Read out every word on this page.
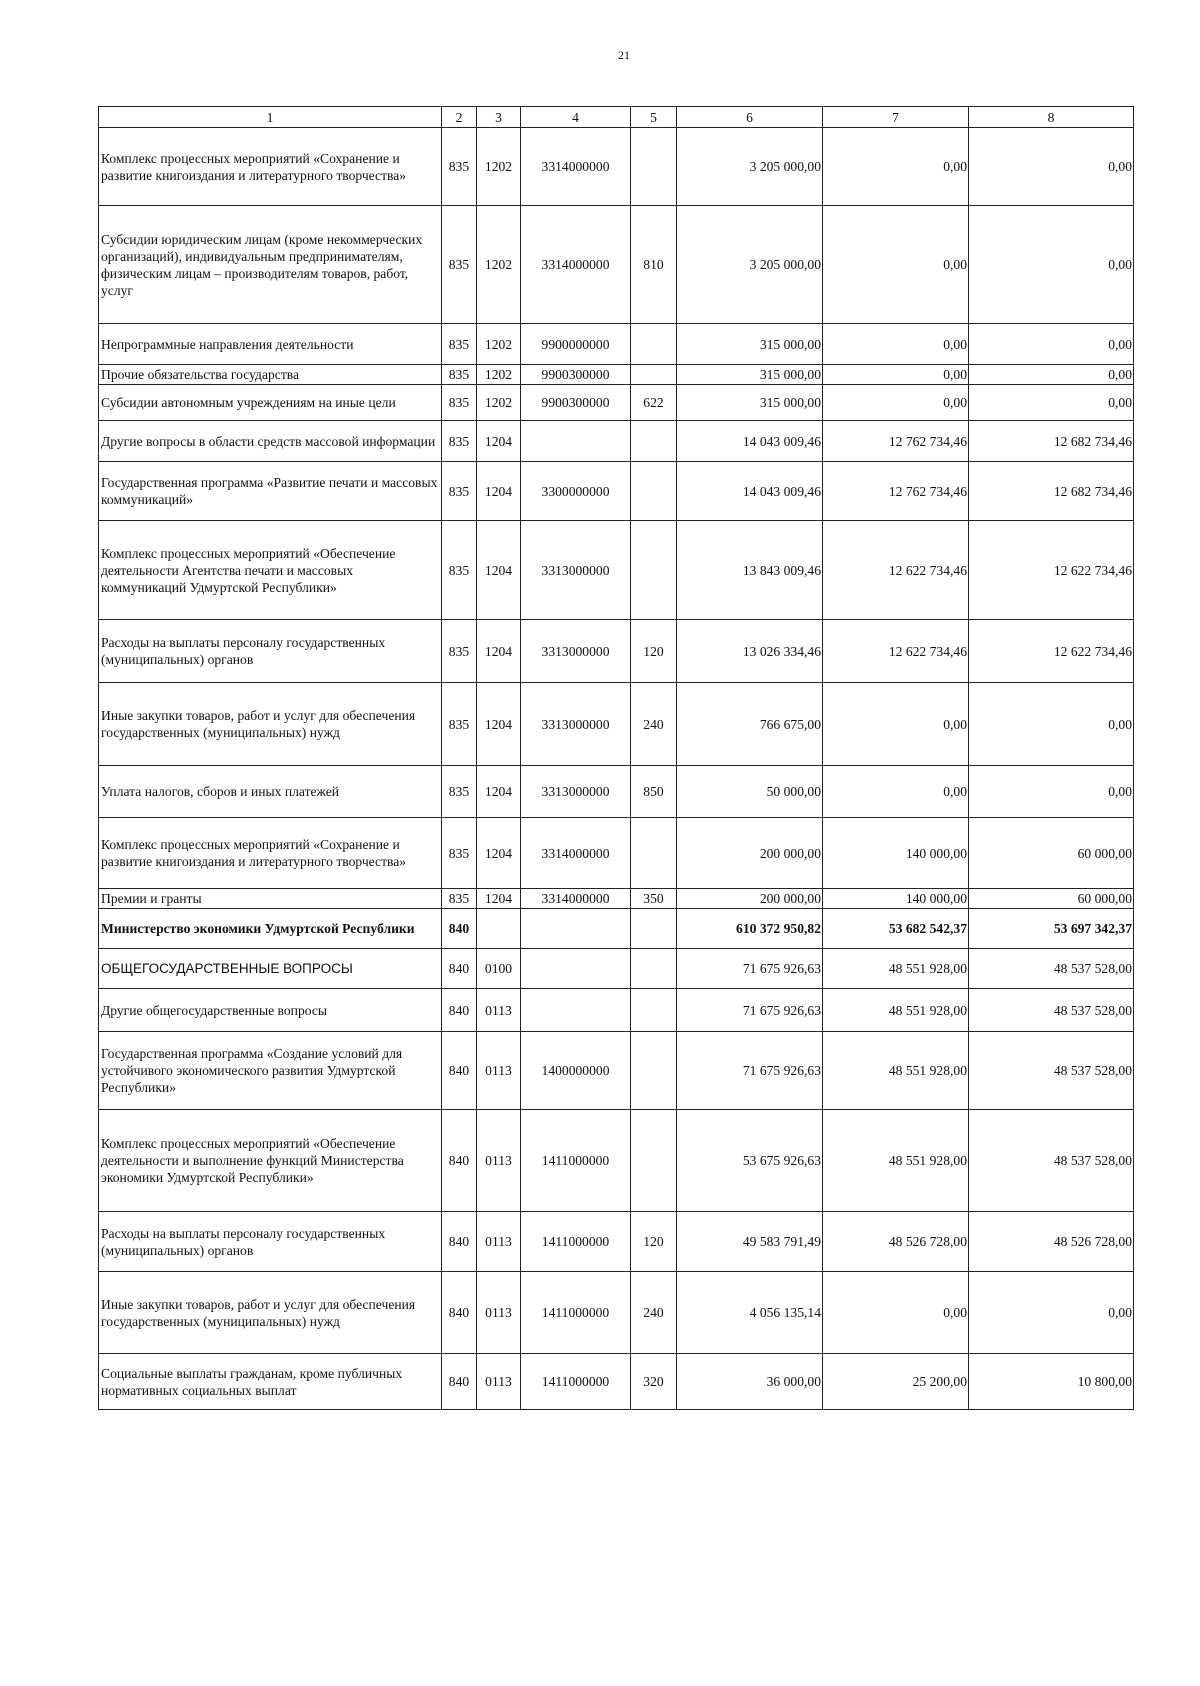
21
1	2	3	4	5	6	7	8
Комплекс процессных мероприятий «Сохранение и развитие книгоиздания и литературного творчества»	835	1202	3314000000		3 205 000,00	0,00	0,00
Субсидии юридическим лицам (кроме некоммерческих организаций), индивидуальным предпринимателям, физическим лицам – производителям товаров, работ, услуг	835	1202	3314000000	810	3 205 000,00	0,00	0,00
Непрограммные направления деятельности	835	1202	9900000000		315 000,00	0,00	0,00
Прочие обязательства государства	835	1202	9900300000		315 000,00	0,00	0,00
Субсидии автономным учреждениям на иные цели	835	1202	9900300000	622	315 000,00	0,00	0,00
Другие вопросы в области средств массовой информации	835	1204			14 043 009,46	12 762 734,46	12 682 734,46
Государственная программа «Развитие печати и массовых коммуникаций»	835	1204	3300000000		14 043 009,46	12 762 734,46	12 682 734,46
Комплекс процессных мероприятий «Обеспечение деятельности Агентства печати и массовых коммуникаций Удмуртской Республики»	835	1204	3313000000		13 843 009,46	12 622 734,46	12 622 734,46
Расходы на выплаты персоналу государственных (муниципальных) органов	835	1204	3313000000	120	13 026 334,46	12 622 734,46	12 622 734,46
Иные закупки товаров, работ и услуг для обеспечения государственных (муниципальных) нужд	835	1204	3313000000	240	766 675,00	0,00	0,00
Уплата налогов, сборов и иных платежей	835	1204	3313000000	850	50 000,00	0,00	0,00
Комплекс процессных мероприятий «Сохранение и развитие книгоиздания и литературного творчества»	835	1204	3314000000		200 000,00	140 000,00	60 000,00
Премии и гранты	835	1204	3314000000	350	200 000,00	140 000,00	60 000,00
Министерство экономики Удмуртской Республики	840				610 372 950,82	53 682 542,37	53 697 342,37
ОБЩЕГОСУДАРСТВЕННЫЕ ВОПРОСЫ	840	0100			71 675 926,63	48 551 928,00	48 537 528,00
Другие общегосударственные вопросы	840	0113			71 675 926,63	48 551 928,00	48 537 528,00
Государственная программа «Создание условий для устойчивого экономического развития Удмуртской Республики»	840	0113	1400000000		71 675 926,63	48 551 928,00	48 537 528,00
Комплекс процессных мероприятий «Обеспечение деятельности и выполнение функций Министерства экономики Удмуртской Республики»	840	0113	1411000000		53 675 926,63	48 551 928,00	48 537 528,00
Расходы на выплаты персоналу государственных (муниципальных) органов	840	0113	1411000000	120	49 583 791,49	48 526 728,00	48 526 728,00
Иные закупки товаров, работ и услуг для обеспечения государственных (муниципальных) нужд	840	0113	1411000000	240	4 056 135,14	0,00	0,00
Социальные выплаты гражданам, кроме публичных нормативных социальных выплат	840	0113	1411000000	320	36 000,00	25 200,00	10 800,00
